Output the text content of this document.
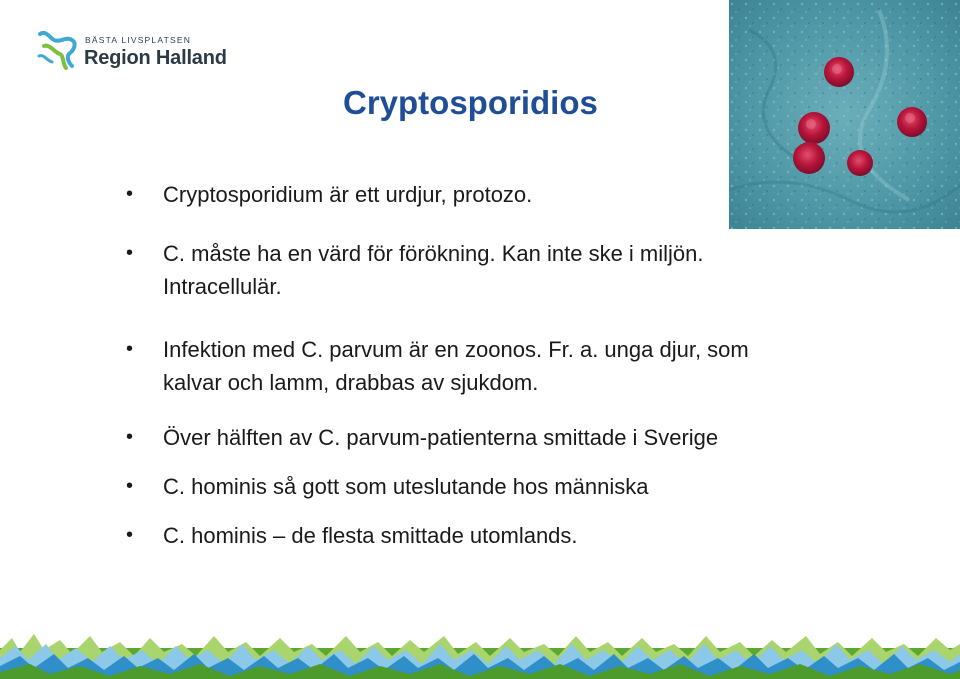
BÄSTA LIVSPLATSEN
Region Halland
Cryptosporidios
• Cryptosporidium är ett urdjur, protozo.
• C. måste ha en värd för förökning. Kan inte ske i miljön.
Intracellulär.
• Infektion med C. parvum är en zoonos. Fr. a. unga djur, som
kalvar och lamm, drabbas av sjukdom.
• Över hälften av C. parvum-patienterna smittade i Sverige
• C. hominis så gott som uteslutande hos människa
• C. hominis – de flesta smittade utomlands.
